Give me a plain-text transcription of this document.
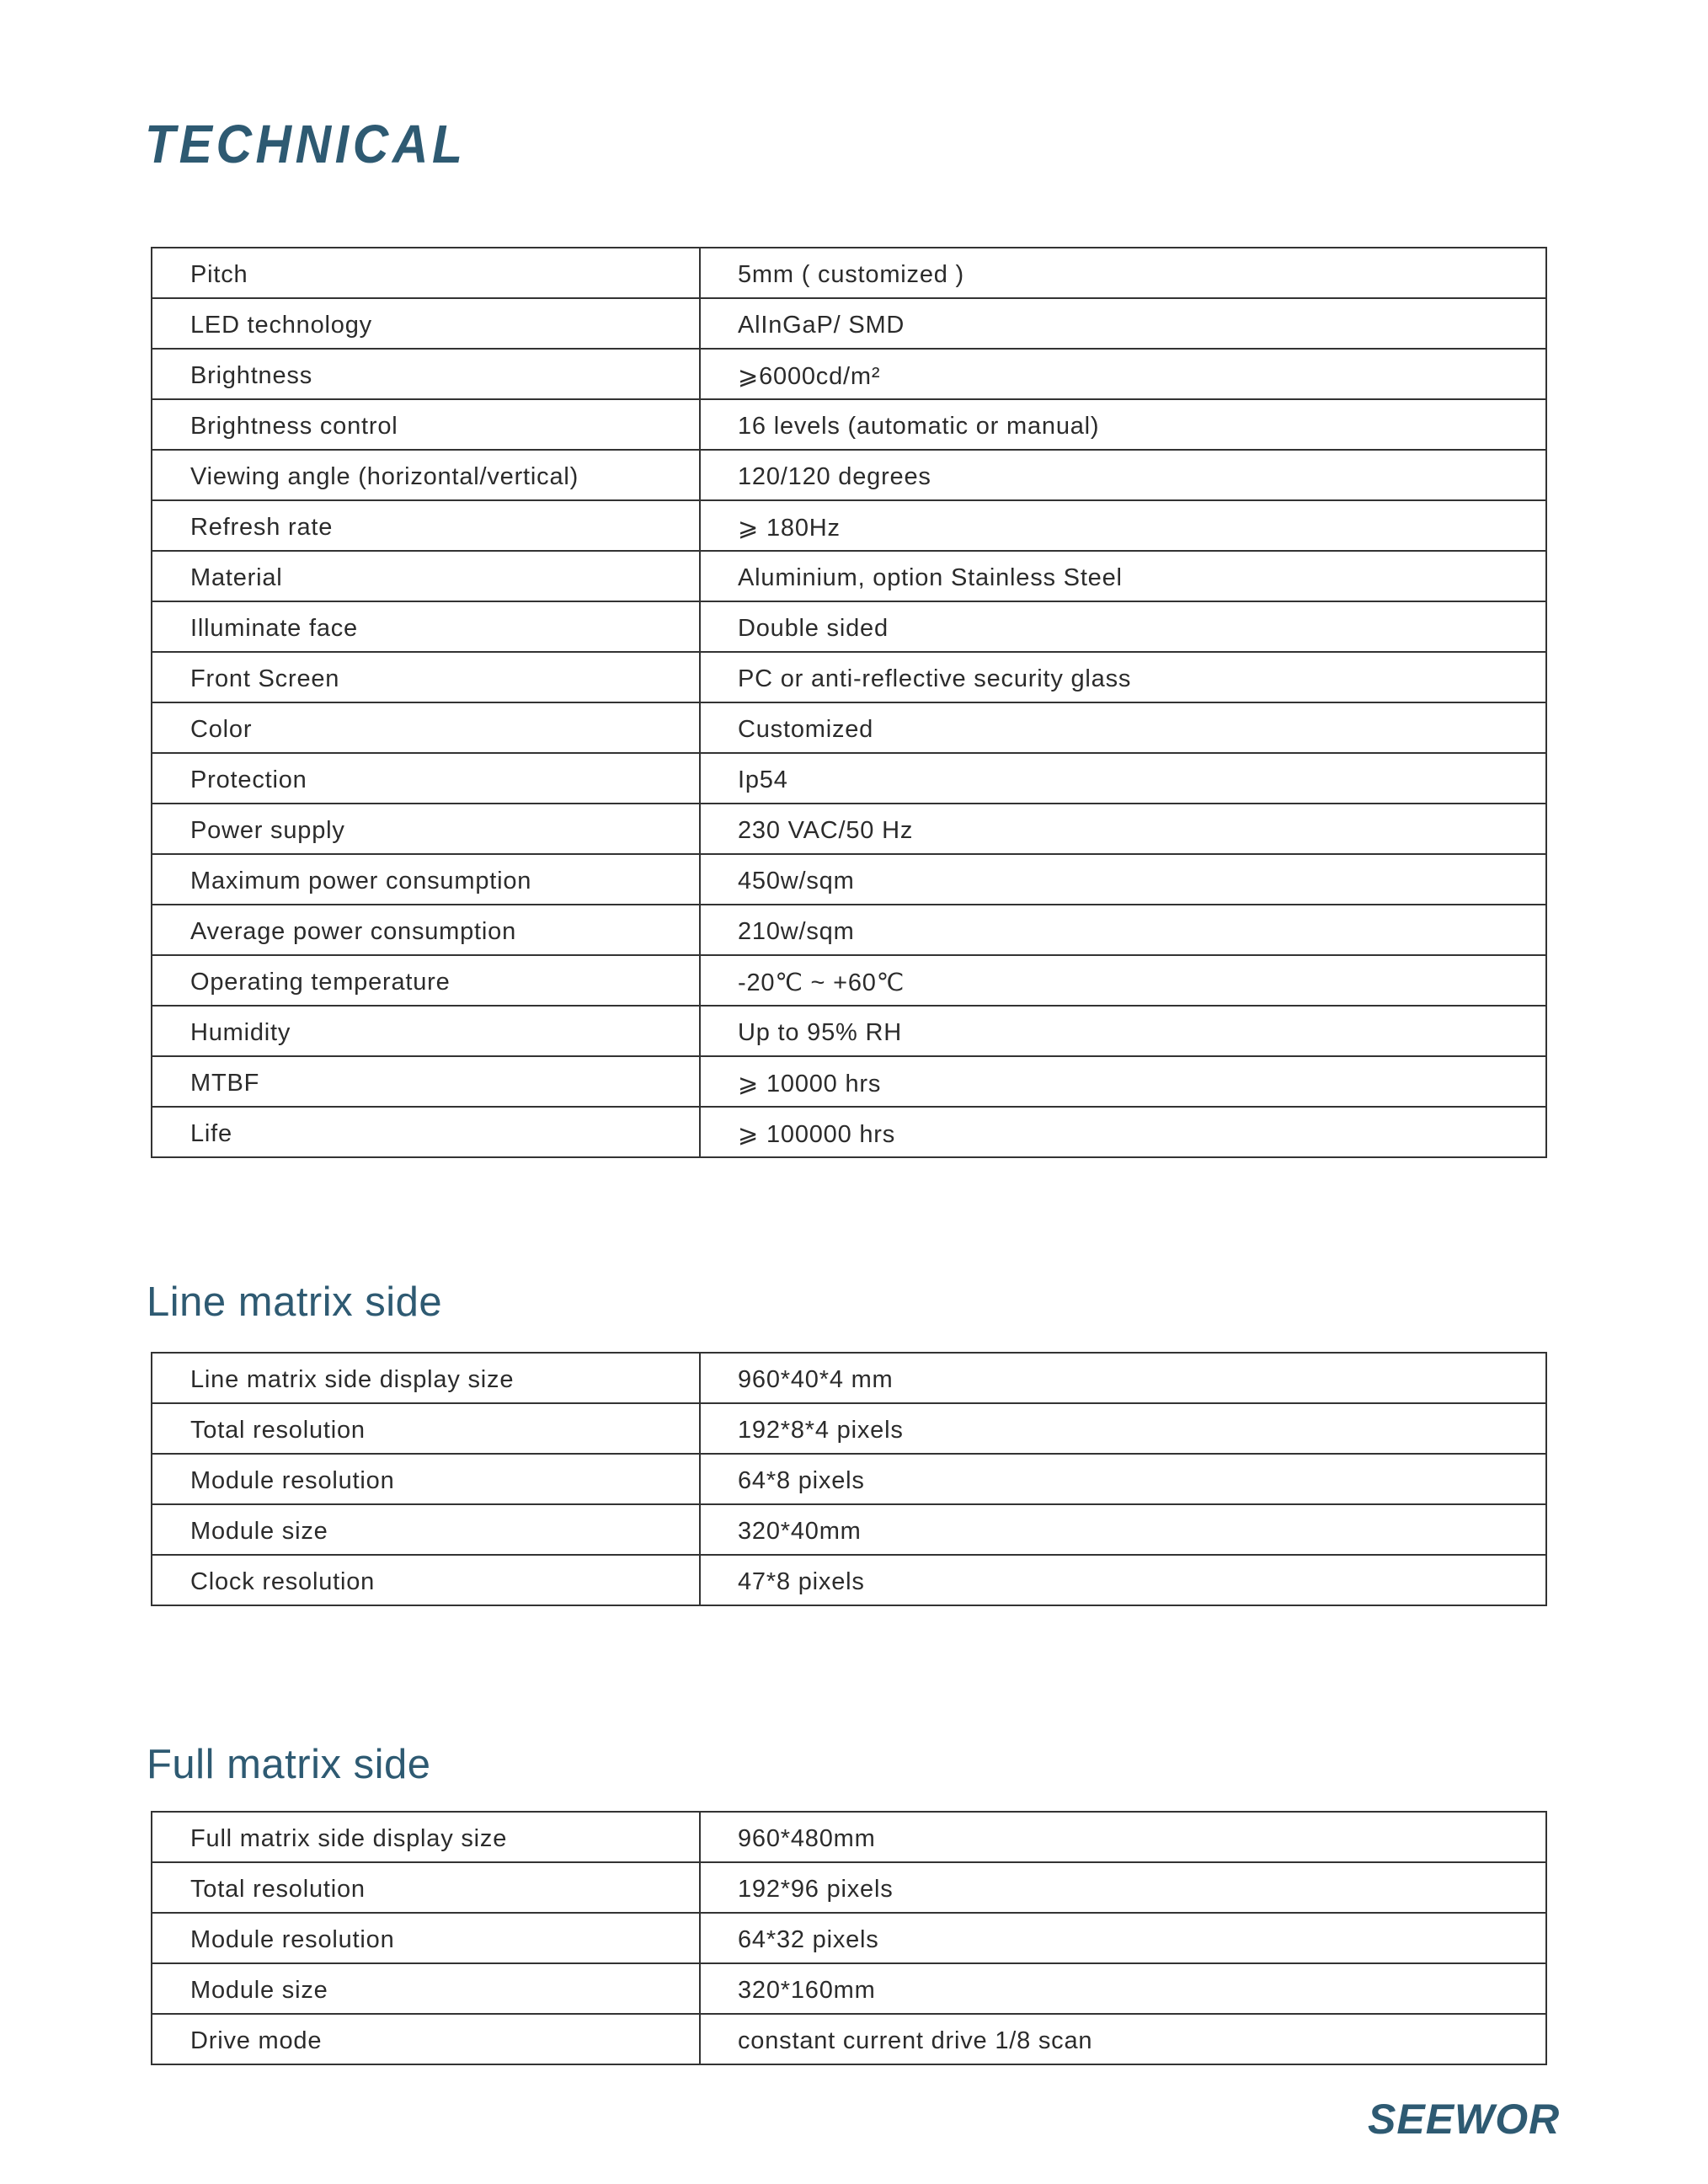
TECHNICAL
Pitch	5mm ( customized )
LED technology	AlInGaP/ SMD
Brightness	⩾6000cd/m²
Brightness control	16 levels (automatic or manual)
Viewing angle (horizontal/vertical)	120/120 degrees
Refresh rate	⩾ 180Hz
Material	Aluminium, option Stainless Steel
Illuminate face	Double sided
Front Screen	PC or anti-reflective security glass
Color	Customized
Protection	Ip54
Power supply	230 VAC/50 Hz
Maximum power consumption	450w/sqm
Average power consumption	210w/sqm
Operating temperature	-20℃ ~ +60℃
Humidity	Up to 95% RH
MTBF	⩾ 10000 hrs
Life	⩾ 100000 hrs
Line matrix side
Line matrix side display size	960*40*4 mm
Total resolution	192*8*4 pixels
Module resolution	64*8 pixels
Module size	320*40mm
Clock resolution	47*8 pixels
Full matrix side
Full matrix side display size	960*480mm
Total resolution	192*96 pixels
Module resolution	64*32 pixels
Module size	320*160mm
Drive mode	constant current drive 1/8 scan
SEEWOR
